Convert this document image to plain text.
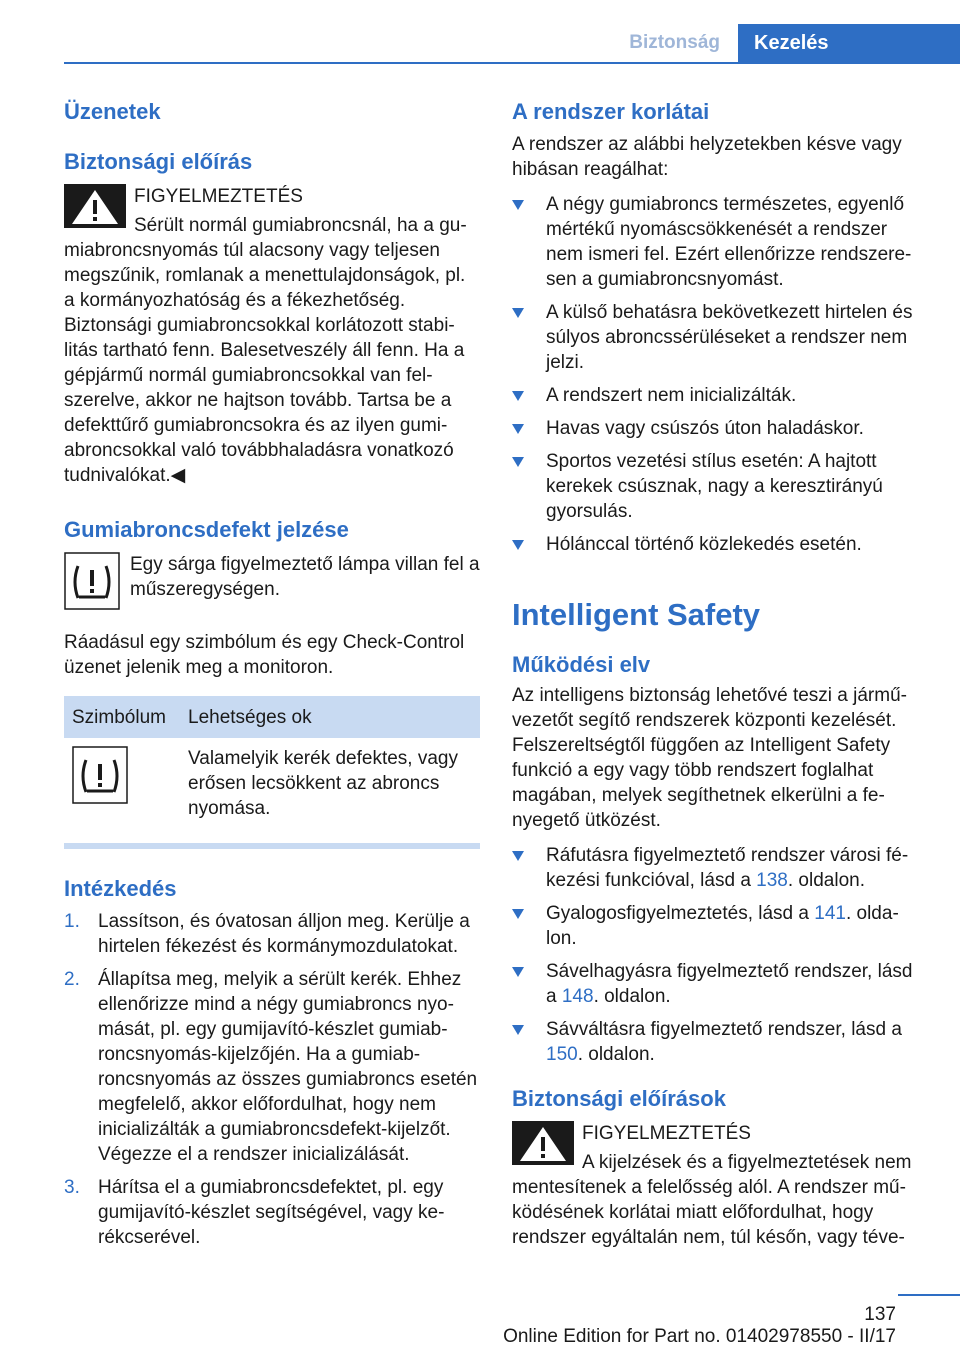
Biztonság	Kezelés
Üzenetek
Biztonsági előírás

FIGYELMEZTETÉS

Sérült normál gumiabroncsnál, ha a gumiabroncsnyomás túl alacsony vagy teljesen megszűnik, romlanak a menettulajdonságok, pl. a kormányozhatóság és a fékezhetőség. Biztonsági gumiabroncsokkal korlátozott stabilitás tartható fenn. Balesetveszély áll fenn. Ha a gépjármű normál gumiabroncsokkal van felszerelve, akkor ne hajtson tovább. Tartsa be a defekttűrő gumiabroncsokra és az ilyen gumiabroncsokkal való továbbhaladásra vonatkozó tudnivalókat.◀

Gumiabroncsdefekt jelzése

Egy sárga figyelmeztető lámpa villan fel a műszeregységen.

Ráadásul egy szimbólum és egy Check-Control üzenet jelenik meg a monitoron.

Szimbólum	Lehetséges ok
	Valamelyik kerék defektes, vagy erősen lecsökkent az abroncs nyomása.
Intézkedés
1. Lassítson, és óvatosan álljon meg. Kerülje a hirtelen fékezést és kormánymozdulatokat.
2. Állapítsa meg, melyik a sérült kerék. Ehhez ellenőrizze mind a négy gumiabroncs nyomását, pl. egy gumijavító-készlet gumiabroncsnyomás-kijelzőjén. Ha a gumiabroncsnyomás az összes gumiabroncs esetén megfelelő, akkor előfordulhat, hogy nem inicializálták a gumiabroncsdefekt-kijelzőt. Végezze el a rendszer inicializálását.
3. Hárítsa el a gumiabroncsdefektet, pl. egy gumijavító-készlet segítségével, vagy kerékcserével.
A rendszer korlátai

A rendszer az alábbi helyzetekben késve vagy hibásan reagálhat:

A négy gumiabroncs természetes, egyenlő mértékű nyomáscsökkenését a rendszer nem ismeri fel. Ezért ellenőrizze rendszeresen a gumiabroncsnyomást.
A külső behatásra bekövetkezett hirtelen és súlyos abroncssérüléseket a rendszer nem jelzi.
A rendszert nem inicializálták.
Havas vagy csúszós úton haladáskor.
Sportos vezetési stílus esetén: A hajtott kerekek csúsznak, nagy a keresztirányú gyorsulás.
Hólánccal történő közlekedés esetén.
Intelligent Safety
Működési elv

Az intelligens biztonság lehetővé teszi a járművezetőt segítő rendszerek központi kezelését. Felszereltségtől függően az Intelligent Safety funkció a egy vagy több rendszert foglalhat magában, melyek segíthetnek elkerülni a fenyegető ütközést.

Ráfutásra figyelmeztető rendszer városi fékezési funkcióval, lásd a 138. oldalon.
Gyalogosfigyelmeztetés, lásd a 141. oldalon.
Sávelhagyásra figyelmeztető rendszer, lásd a 148. oldalon.
Sávváltásra figyelmeztető rendszer, lásd a 150. oldalon.
Biztonsági előírások

FIGYELMEZTETÉS

A kijelzések és a figyelmeztetések nem mentesítenek a felelősség alól. A rendszer működésének korlátai miatt előfordulhat, hogy rendszer egyáltalán nem, túl későn, vagy téve-

137
Online Edition for Part no. 01402978550 - II/17
